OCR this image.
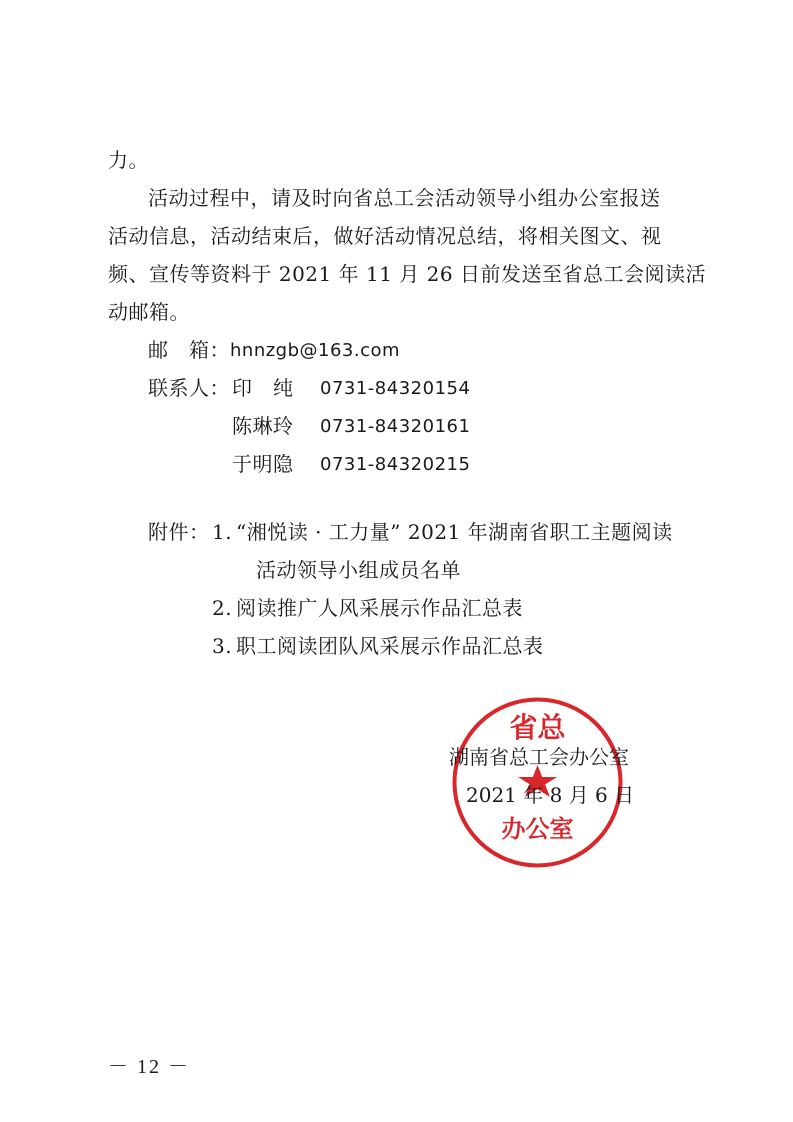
力。
活动过程中，请及时向省总工会活动领导小组办公室报送
活动信息，活动结束后，做好活动情况总结，将相关图文、视
频、宣传等资料于 2021 年 11 月 26 日前发送至省总工会阅读活
动邮箱。
邮　箱： hnnzgb@163.com
联系人： 印　纯 0731-84320154
陈琳玲 0731-84320161
于明隐 0731-84320215
附件： 1. “湘悦读 · 工力量” 2021 年湖南省职工主题阅读
活动领导小组成员名单
2. 阅读推广人风采展示作品汇总表
3. 职工阅读团队风采展示作品汇总表
省总
办公室
湖南省总工会办公室
2021 年 8 月 6 日
－ 12 －
